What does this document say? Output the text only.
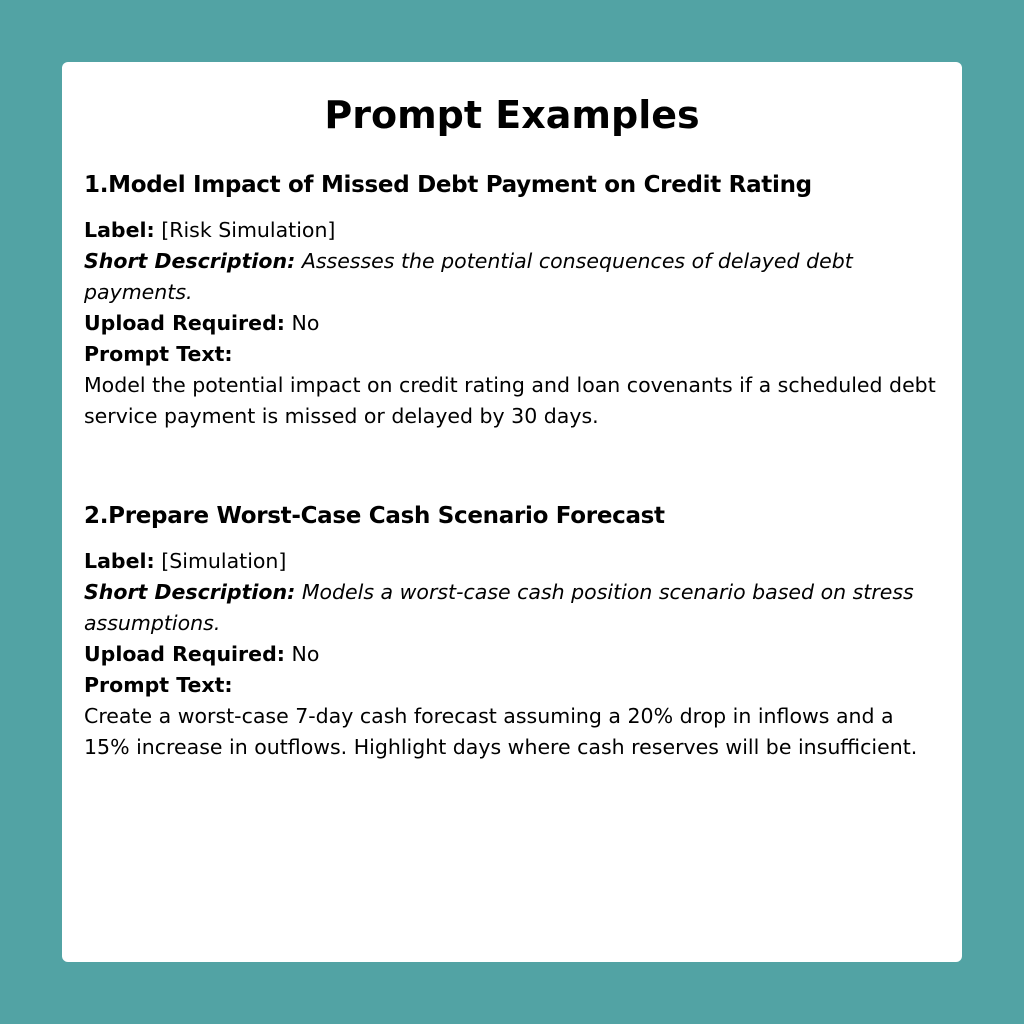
Prompt Examples
1.Model Impact of Missed Debt Payment on Credit Rating

Label: [Risk Simulation]

Short Description: Assesses the potential consequences of delayed debt payments.

Upload Required: No

Prompt Text:

Model the potential impact on credit rating and loan covenants if a scheduled debt service payment is missed or delayed by 30 days.

2.Prepare Worst-Case Cash Scenario Forecast

Label: [Simulation]

Short Description: Models a worst-case cash position scenario based on stress assumptions.

Upload Required: No

Prompt Text:

Create a worst-case 7-day cash forecast assuming a 20% drop in inflows and a 15% increase in outflows. Highlight days where cash reserves will be insufficient.
